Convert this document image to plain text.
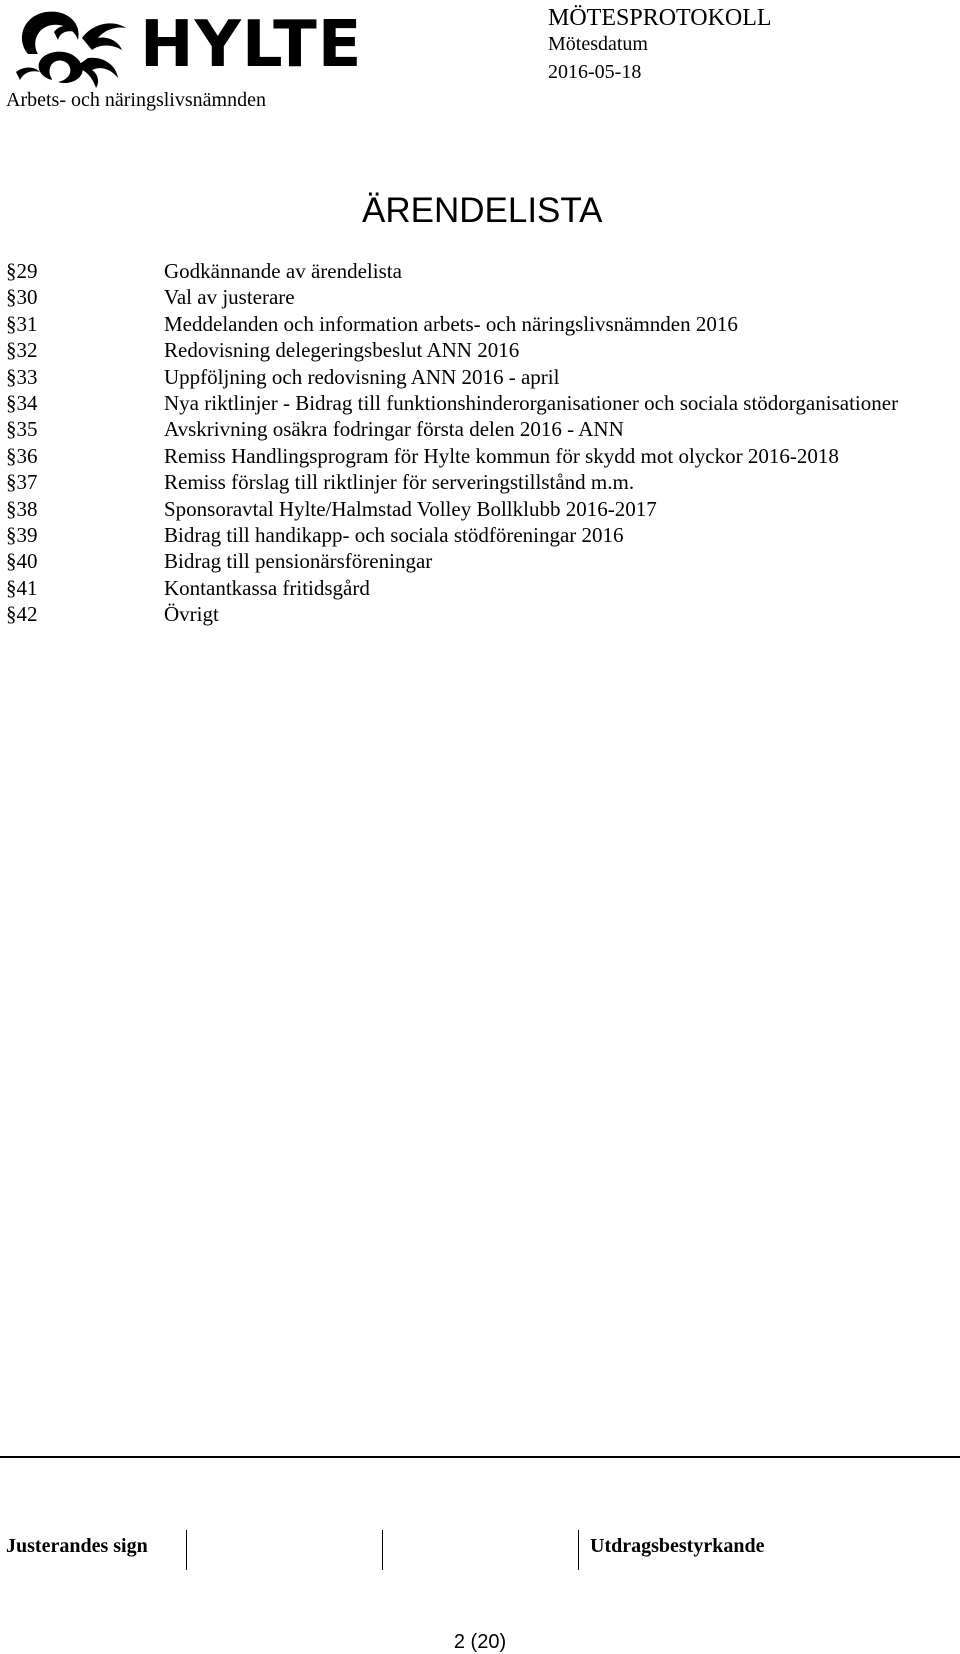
HYLTE
Arbets- och näringslivsnämnden
MÖTESPROTOKOLL
Mötesdatum
2016-05-18
ÄRENDELISTA
§29	Godkännande av ärendelista
§30	Val av justerare
§31	Meddelanden och information arbets- och näringslivsnämnden 2016
§32	Redovisning delegeringsbeslut ANN 2016
§33	Uppföljning och redovisning ANN 2016 - april
§34	Nya riktlinjer - Bidrag till funktionshinderorganisationer och sociala stödorganisationer
§35	Avskrivning osäkra fodringar första delen 2016 - ANN
§36	Remiss Handlingsprogram för Hylte kommun för skydd mot olyckor 2016-2018
§37	Remiss förslag till riktlinjer för serveringstillstånd m.m.
§38	Sponsoravtal Hylte/Halmstad Volley Bollklubb 2016-2017
§39	Bidrag till handikapp- och sociala stödföreningar 2016
§40	Bidrag till pensionärsföreningar
§41	Kontantkassa fritidsgård
§42	Övrigt
Justerandes sign	Utdragsbestyrkande
2 (20)
